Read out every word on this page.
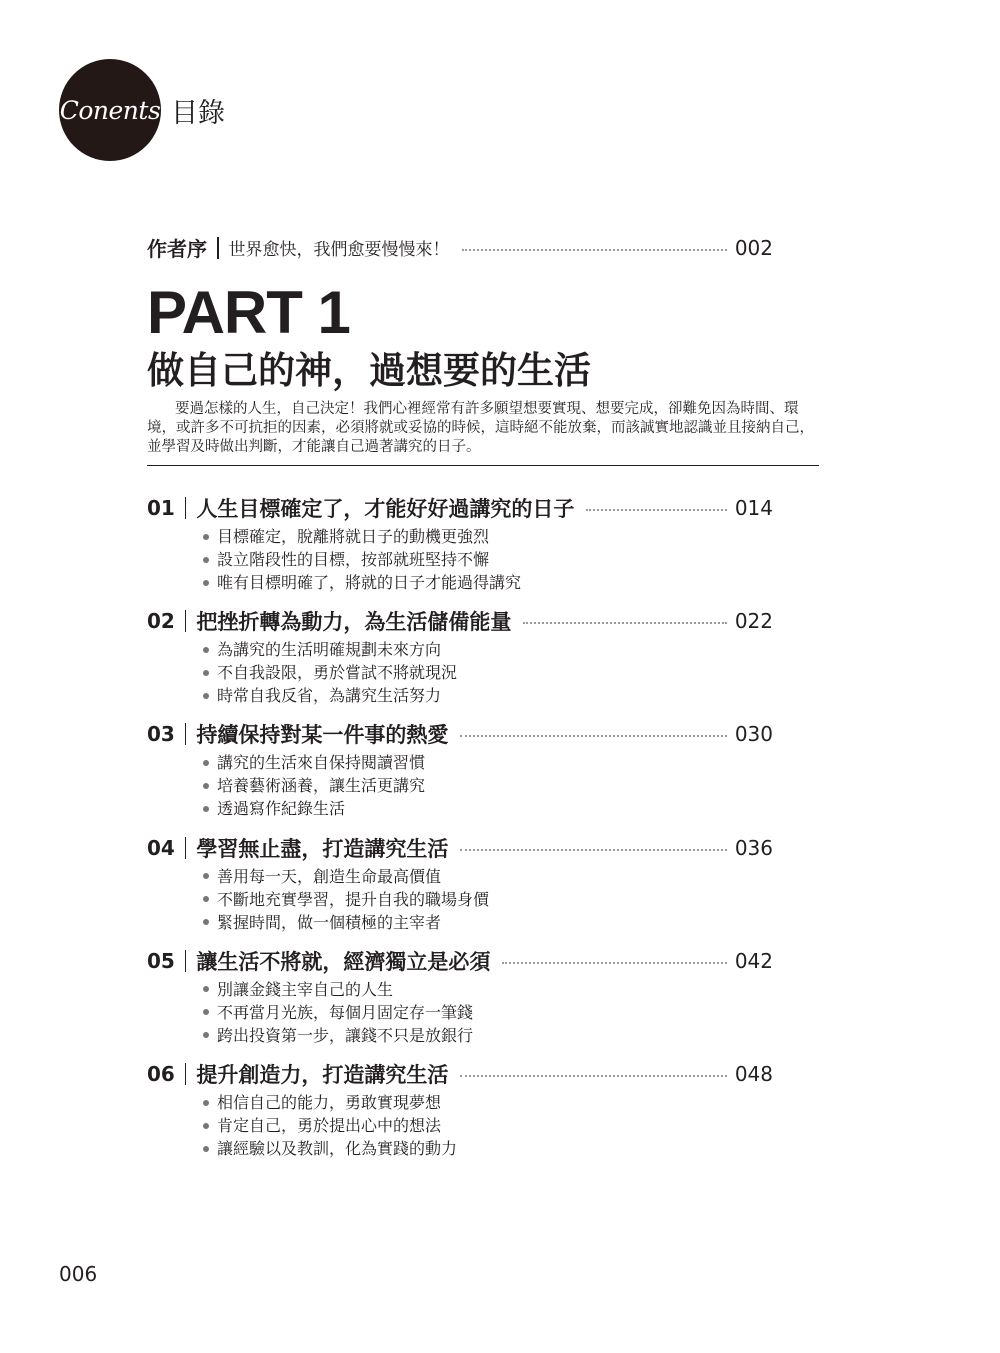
Conents 目錄
作者序 世界愈快，我們愈要慢慢來！	002
PART 1
做自己的神，過想要的生活
要過怎樣的人生，自己決定！我們心裡經常有許多願望想要實現、想要完成，卻難免因為時間、環境，或許多不可抗拒的因素，必須將就或妥協的時候，這時絕不能放棄，而該誠實地認識並且接納自己，並學習及時做出判斷，才能讓自己過著講究的日子。
01 人生目標確定了，才能好好過講究的日子	014
目標確定，脫離將就日子的動機更強烈
設立階段性的目標，按部就班堅持不懈
唯有目標明確了，將就的日子才能過得講究
02 把挫折轉為動力，為生活儲備能量	022
為講究的生活明確規劃未來方向
不自我設限，勇於嘗試不將就現況
時常自我反省，為講究生活努力
03 持續保持對某一件事的熱愛	030
講究的生活來自保持閱讀習慣
培養藝術涵養，讓生活更講究
透過寫作紀錄生活
04 學習無止盡，打造講究生活	036
善用每一天，創造生命最高價值
不斷地充實學習，提升自我的職場身價
緊握時間，做一個積極的主宰者
05 讓生活不將就，經濟獨立是必須	042
別讓金錢主宰自己的人生
不再當月光族，每個月固定存一筆錢
跨出投資第一步，讓錢不只是放銀行
06 提升創造力，打造講究生活	048
相信自己的能力，勇敢實現夢想
肯定自己，勇於提出心中的想法
讓經驗以及教訓，化為實踐的動力
006
